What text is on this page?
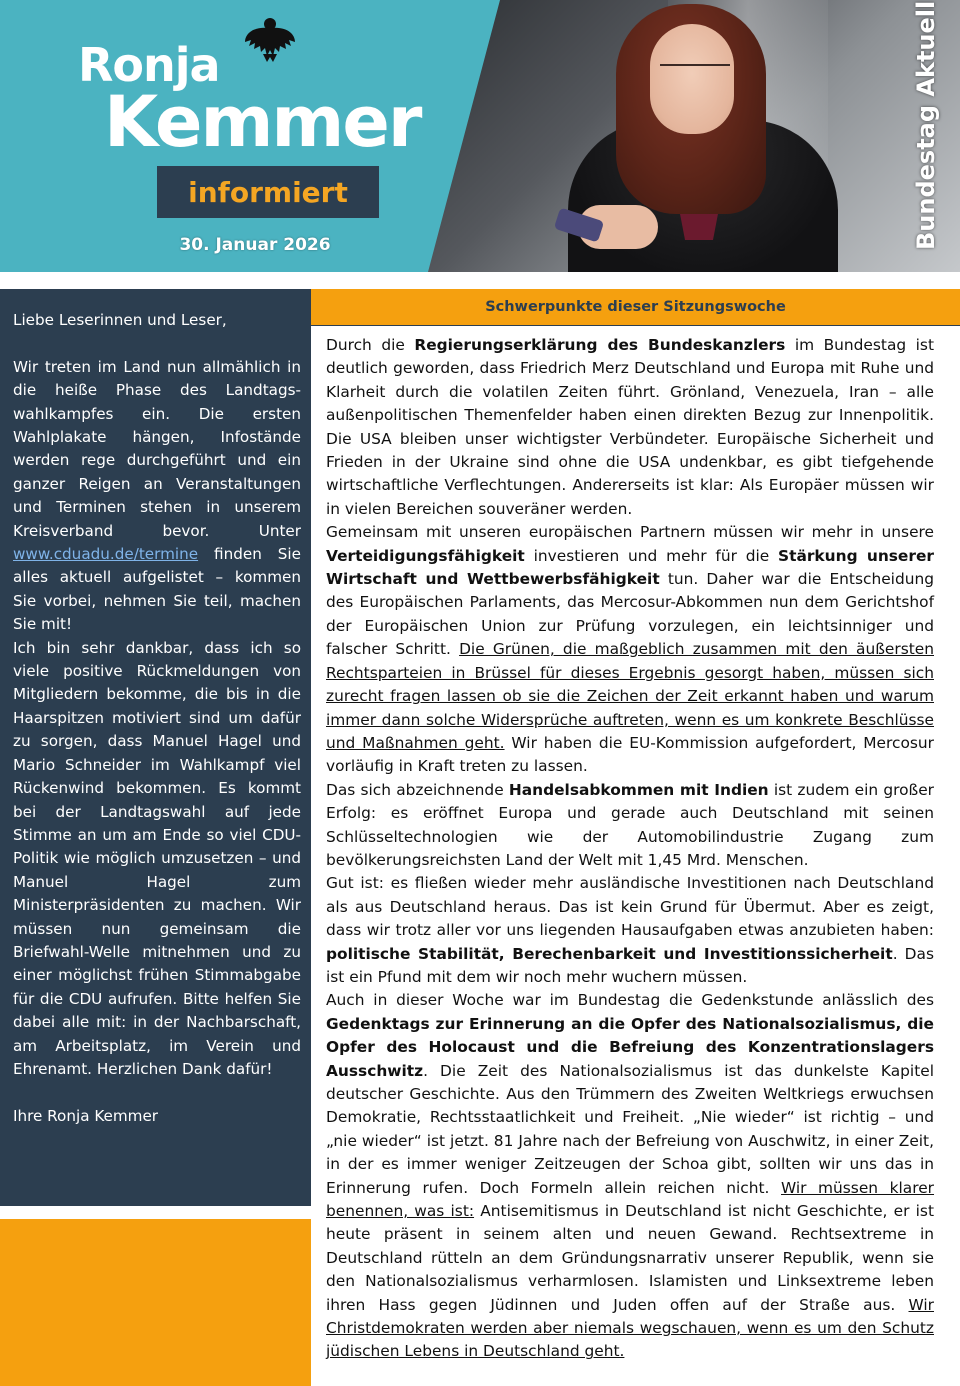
Ronja
Kemmer
informiert
30. Januar 2026	Bundestag Aktuell

Liebe Leserinnen und Leser,

Wir treten im Land nun allmählich in die heiße Phase des Landtags-wahlkampfes ein. Die ersten Wahlplakate hängen, Infostände werden rege durchgeführt und ein ganzer Reigen an Veranstaltungen und Terminen stehen in unserem Kreisverband bevor. Unter www.cduadu.de/termine finden Sie alles aktuell aufgelistet – kommen Sie vorbei, nehmen Sie teil, machen Sie mit!

Ich bin sehr dankbar, dass ich so viele positive Rückmeldungen von Mitgliedern bekomme, die bis in die Haarspitzen motiviert sind um dafür zu sorgen, dass Manuel Hagel und Mario Schneider im Wahlkampf viel Rückenwind bekommen. Es kommt bei der Landtagswahl auf jede Stimme an um am Ende so viel CDU-Politik wie möglich umzusetzen – und Manuel Hagel zum Ministerpräsidenten zu machen. Wir müssen nun gemeinsam die Briefwahl-Welle mitnehmen und zu einer möglichst frühen Stimmabgabe für die CDU aufrufen. Bitte helfen Sie dabei alle mit: in der Nachbarschaft, am Arbeitsplatz, im Verein und Ehrenamt. Herzlichen Dank dafür!

Ihre Ronja Kemmer

Schwerpunkte dieser Sitzungswoche

Durch die Regierungserklärung des Bundeskanzlers im Bundestag ist deutlich geworden, dass Friedrich Merz Deutschland und Europa mit Ruhe und Klarheit durch die volatilen Zeiten führt. Grönland, Venezuela, Iran – alle außenpolitischen Themenfelder haben einen direkten Bezug zur Innenpolitik. Die USA bleiben unser wichtigster Verbündeter. Europäische Sicherheit und Frieden in der Ukraine sind ohne die USA undenkbar, es gibt tiefgehende wirtschaftliche Verflechtungen. Andererseits ist klar: Als Europäer müssen wir in vielen Bereichen souveräner werden.

Gemeinsam mit unseren europäischen Partnern müssen wir mehr in unsere Verteidigungsfähigkeit investieren und mehr für die Stärkung unserer Wirtschaft und Wettbewerbsfähigkeit tun. Daher war die Entscheidung des Europäischen Parlaments, das Mercosur-Abkommen nun dem Gerichtshof der Europäischen Union zur Prüfung vorzulegen, ein leichtsinniger und falscher Schritt. Die Grünen, die maßgeblich zusammen mit den äußersten Rechtsparteien in Brüssel für dieses Ergebnis gesorgt haben, müssen sich zurecht fragen lassen ob sie die Zeichen der Zeit erkannt haben und warum immer dann solche Widersprüche auftreten, wenn es um konkrete Beschlüsse und Maßnahmen geht. Wir haben die EU-Kommission aufgefordert, Mercosur vorläufig in Kraft treten zu lassen.

Das sich abzeichnende Handelsabkommen mit Indien ist zudem ein großer Erfolg: es eröffnet Europa und gerade auch Deutschland mit seinen Schlüsseltechnologien wie der Automobilindustrie Zugang zum bevölkerungsreichsten Land der Welt mit 1,45 Mrd. Menschen.

Gut ist: es fließen wieder mehr ausländische Investitionen nach Deutschland als aus Deutschland heraus. Das ist kein Grund für Übermut. Aber es zeigt, dass wir trotz aller vor uns liegenden Hausaufgaben etwas anzubieten haben: politische Stabilität, Berechenbarkeit und Investitionssicherheit. Das ist ein Pfund mit dem wir noch mehr wuchern müssen.

Auch in dieser Woche war im Bundestag die Gedenkstunde anlässlich des Gedenktags zur Erinnerung an die Opfer des Nationalsozialismus, die Opfer des Holocaust und die Befreiung des Konzentrationslagers Ausschwitz. Die Zeit des Nationalsozialismus ist das dunkelste Kapitel deutscher Geschichte. Aus den Trümmern des Zweiten Weltkriegs erwuchsen Demokratie, Rechtsstaatlichkeit und Freiheit. „Nie wieder“ ist richtig – und „nie wieder“ ist jetzt. 81 Jahre nach der Befreiung von Auschwitz, in einer Zeit, in der es immer weniger Zeitzeugen der Schoa gibt, sollten wir uns das in Erinnerung rufen. Doch Formeln allein reichen nicht. Wir müssen klarer benennen, was ist: Antisemitismus in Deutschland ist nicht Geschichte, er ist heute präsent in seinem alten und neuen Gewand. Rechtsextreme in Deutschland rütteln an dem Gründungsnarrativ unserer Republik, wenn sie den Nationalsozialismus verharmlosen. Islamisten und Linksextreme leben ihren Hass gegen Jüdinnen und Juden offen auf der Straße aus. Wir Christdemokraten werden aber niemals wegschauen, wenn es um den Schutz jüdischen Lebens in Deutschland geht.
